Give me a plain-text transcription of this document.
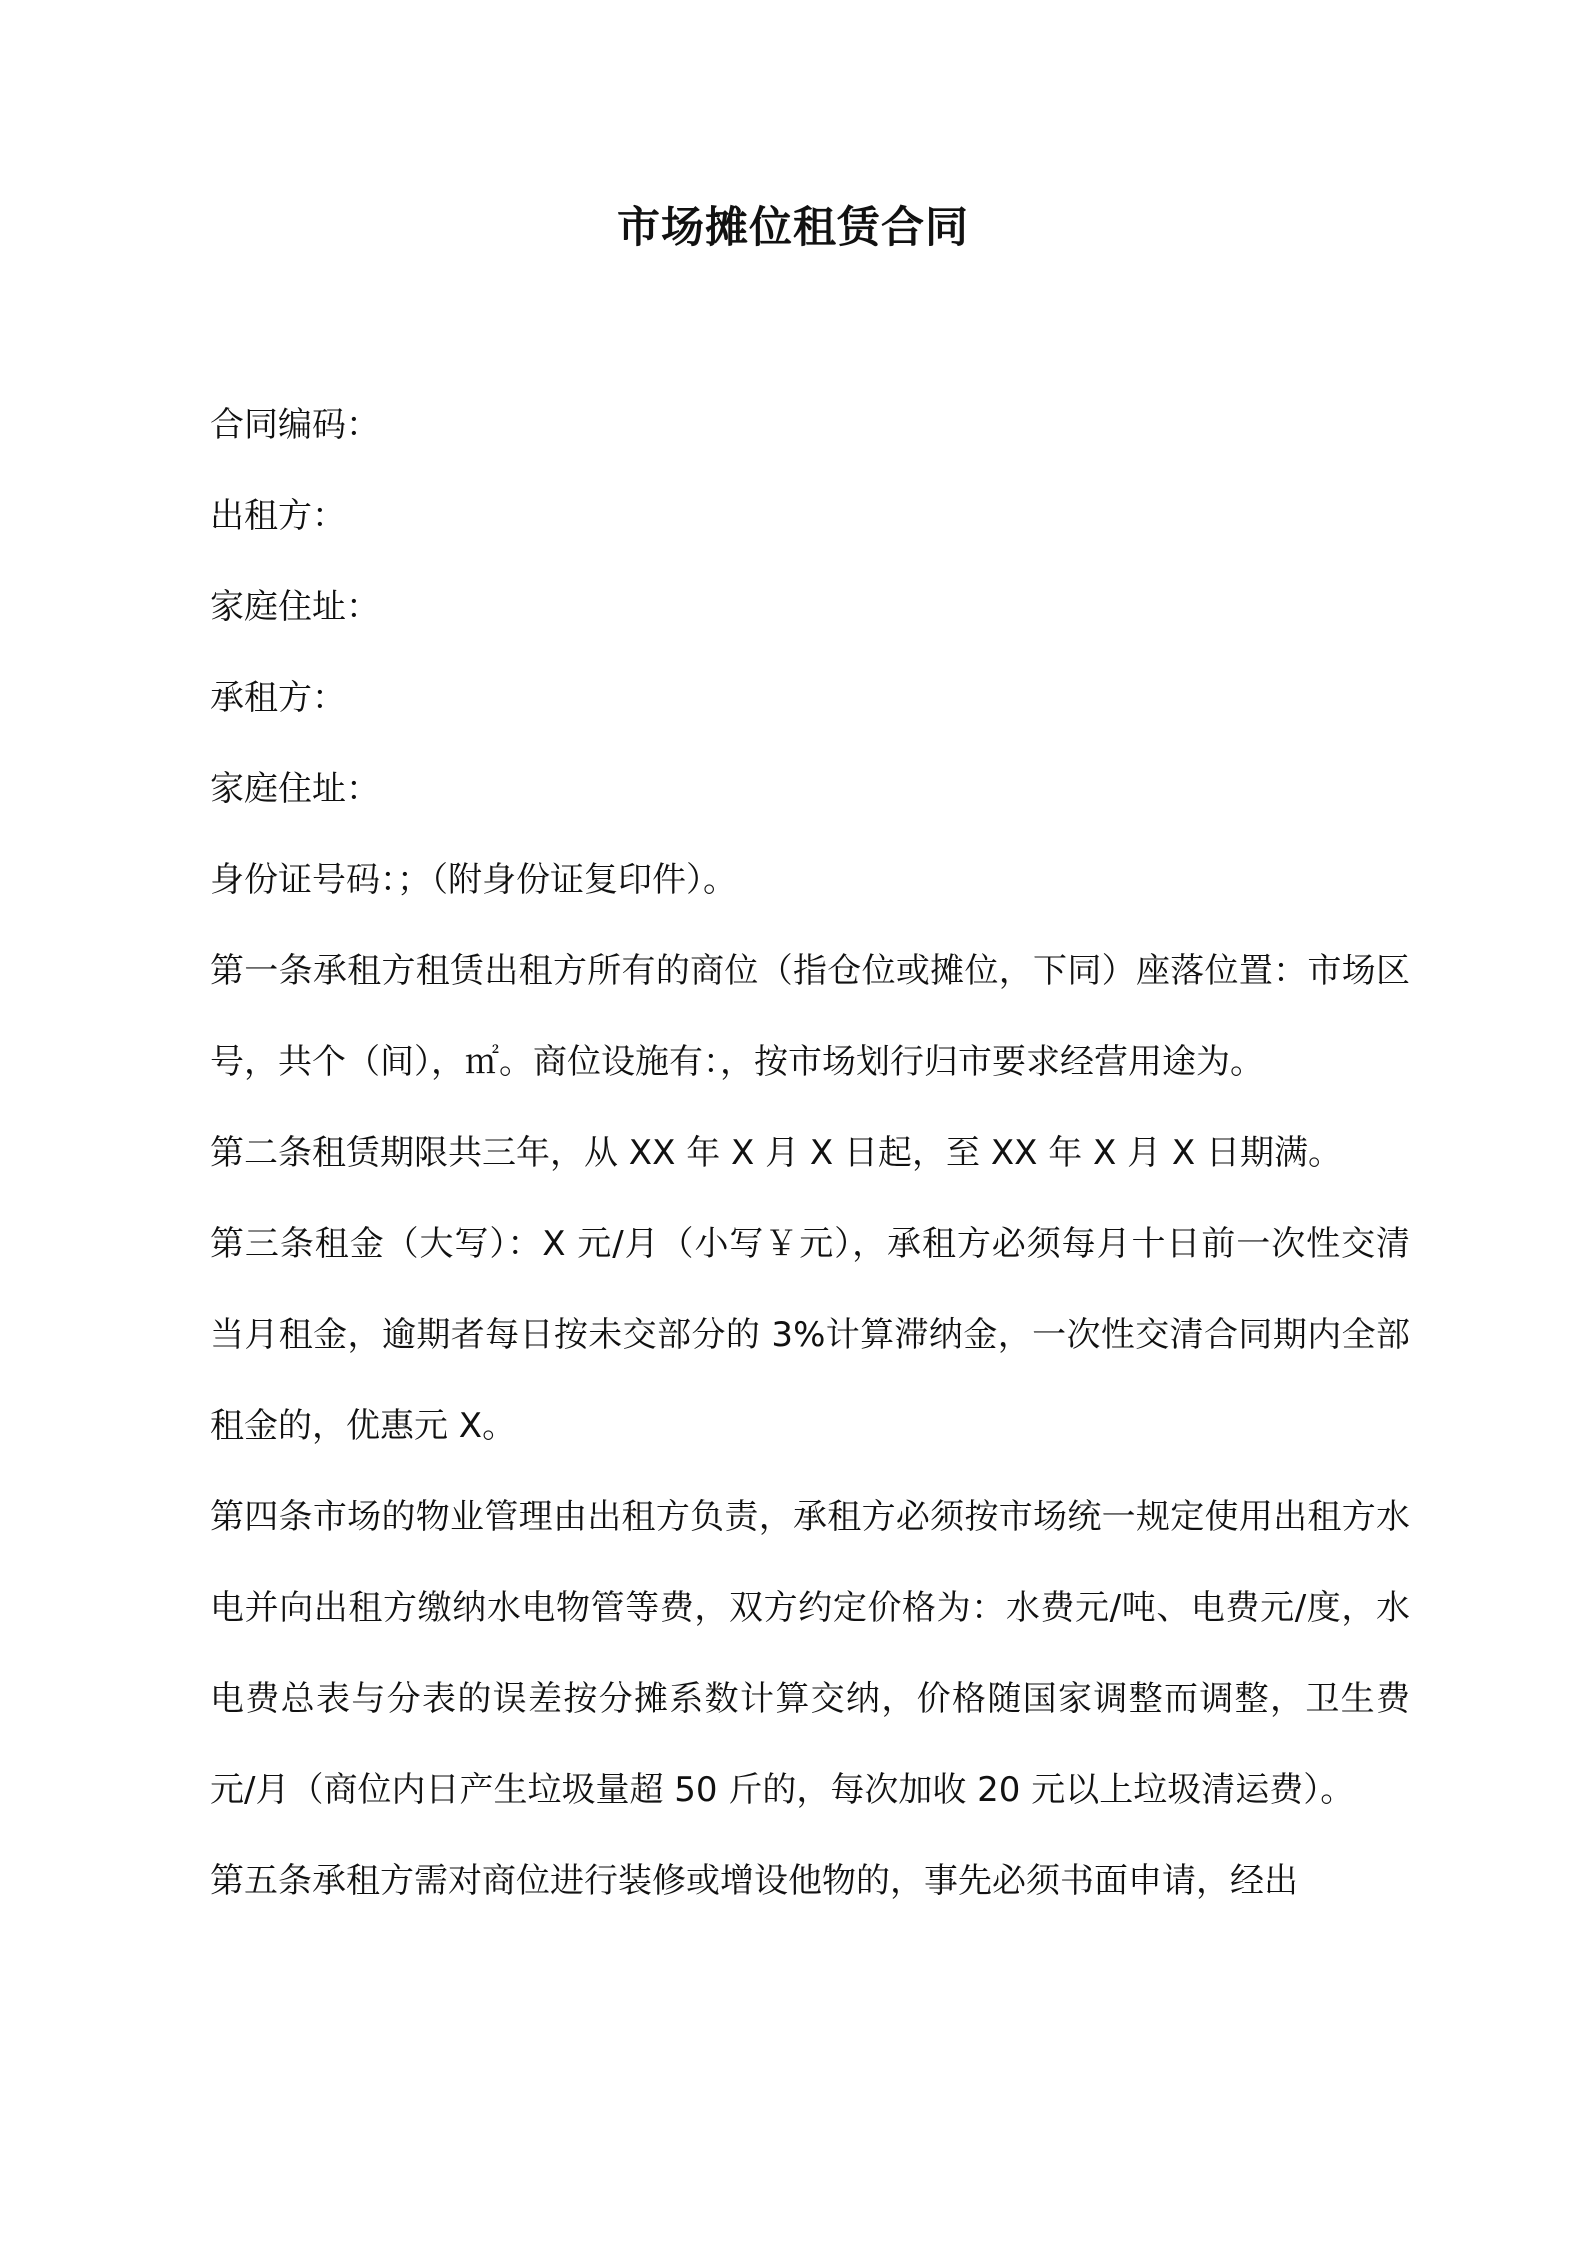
市场摊位租赁合同

合同编码：

出租方：

家庭住址：

承租方：

家庭住址：

身份证号码：；（附身份证复印件）。

第一条承租方租赁出租方所有的商位（指仓位或摊位，下同）座落位置：市场区号，共个（间），㎡。商位设施有：，按市场划行归市要求经营用途为。

第二条租赁期限共三年，从 XX 年 X 月 X 日起，至 XX 年 X 月 X 日期满。

第三条租金（大写）：X 元/月（小写￥元），承租方必须每月十日前一次性交清当月租金，逾期者每日按未交部分的 3%计算滞纳金，一次性交清合同期内全部租金的，优惠元 X。

第四条市场的物业管理由出租方负责，承租方必须按市场统一规定使用出租方水电并向出租方缴纳水电物管等费，双方约定价格为：水费元/吨、电费元/度，水电费总表与分表的误差按分摊系数计算交纳，价格随国家调整而调整，卫生费元/月（商位内日产生垃圾量超 50 斤的，每次加收 20 元以上垃圾清运费）。

第五条承租方需对商位进行装修或增设他物的，事先必须书面申请，经出
